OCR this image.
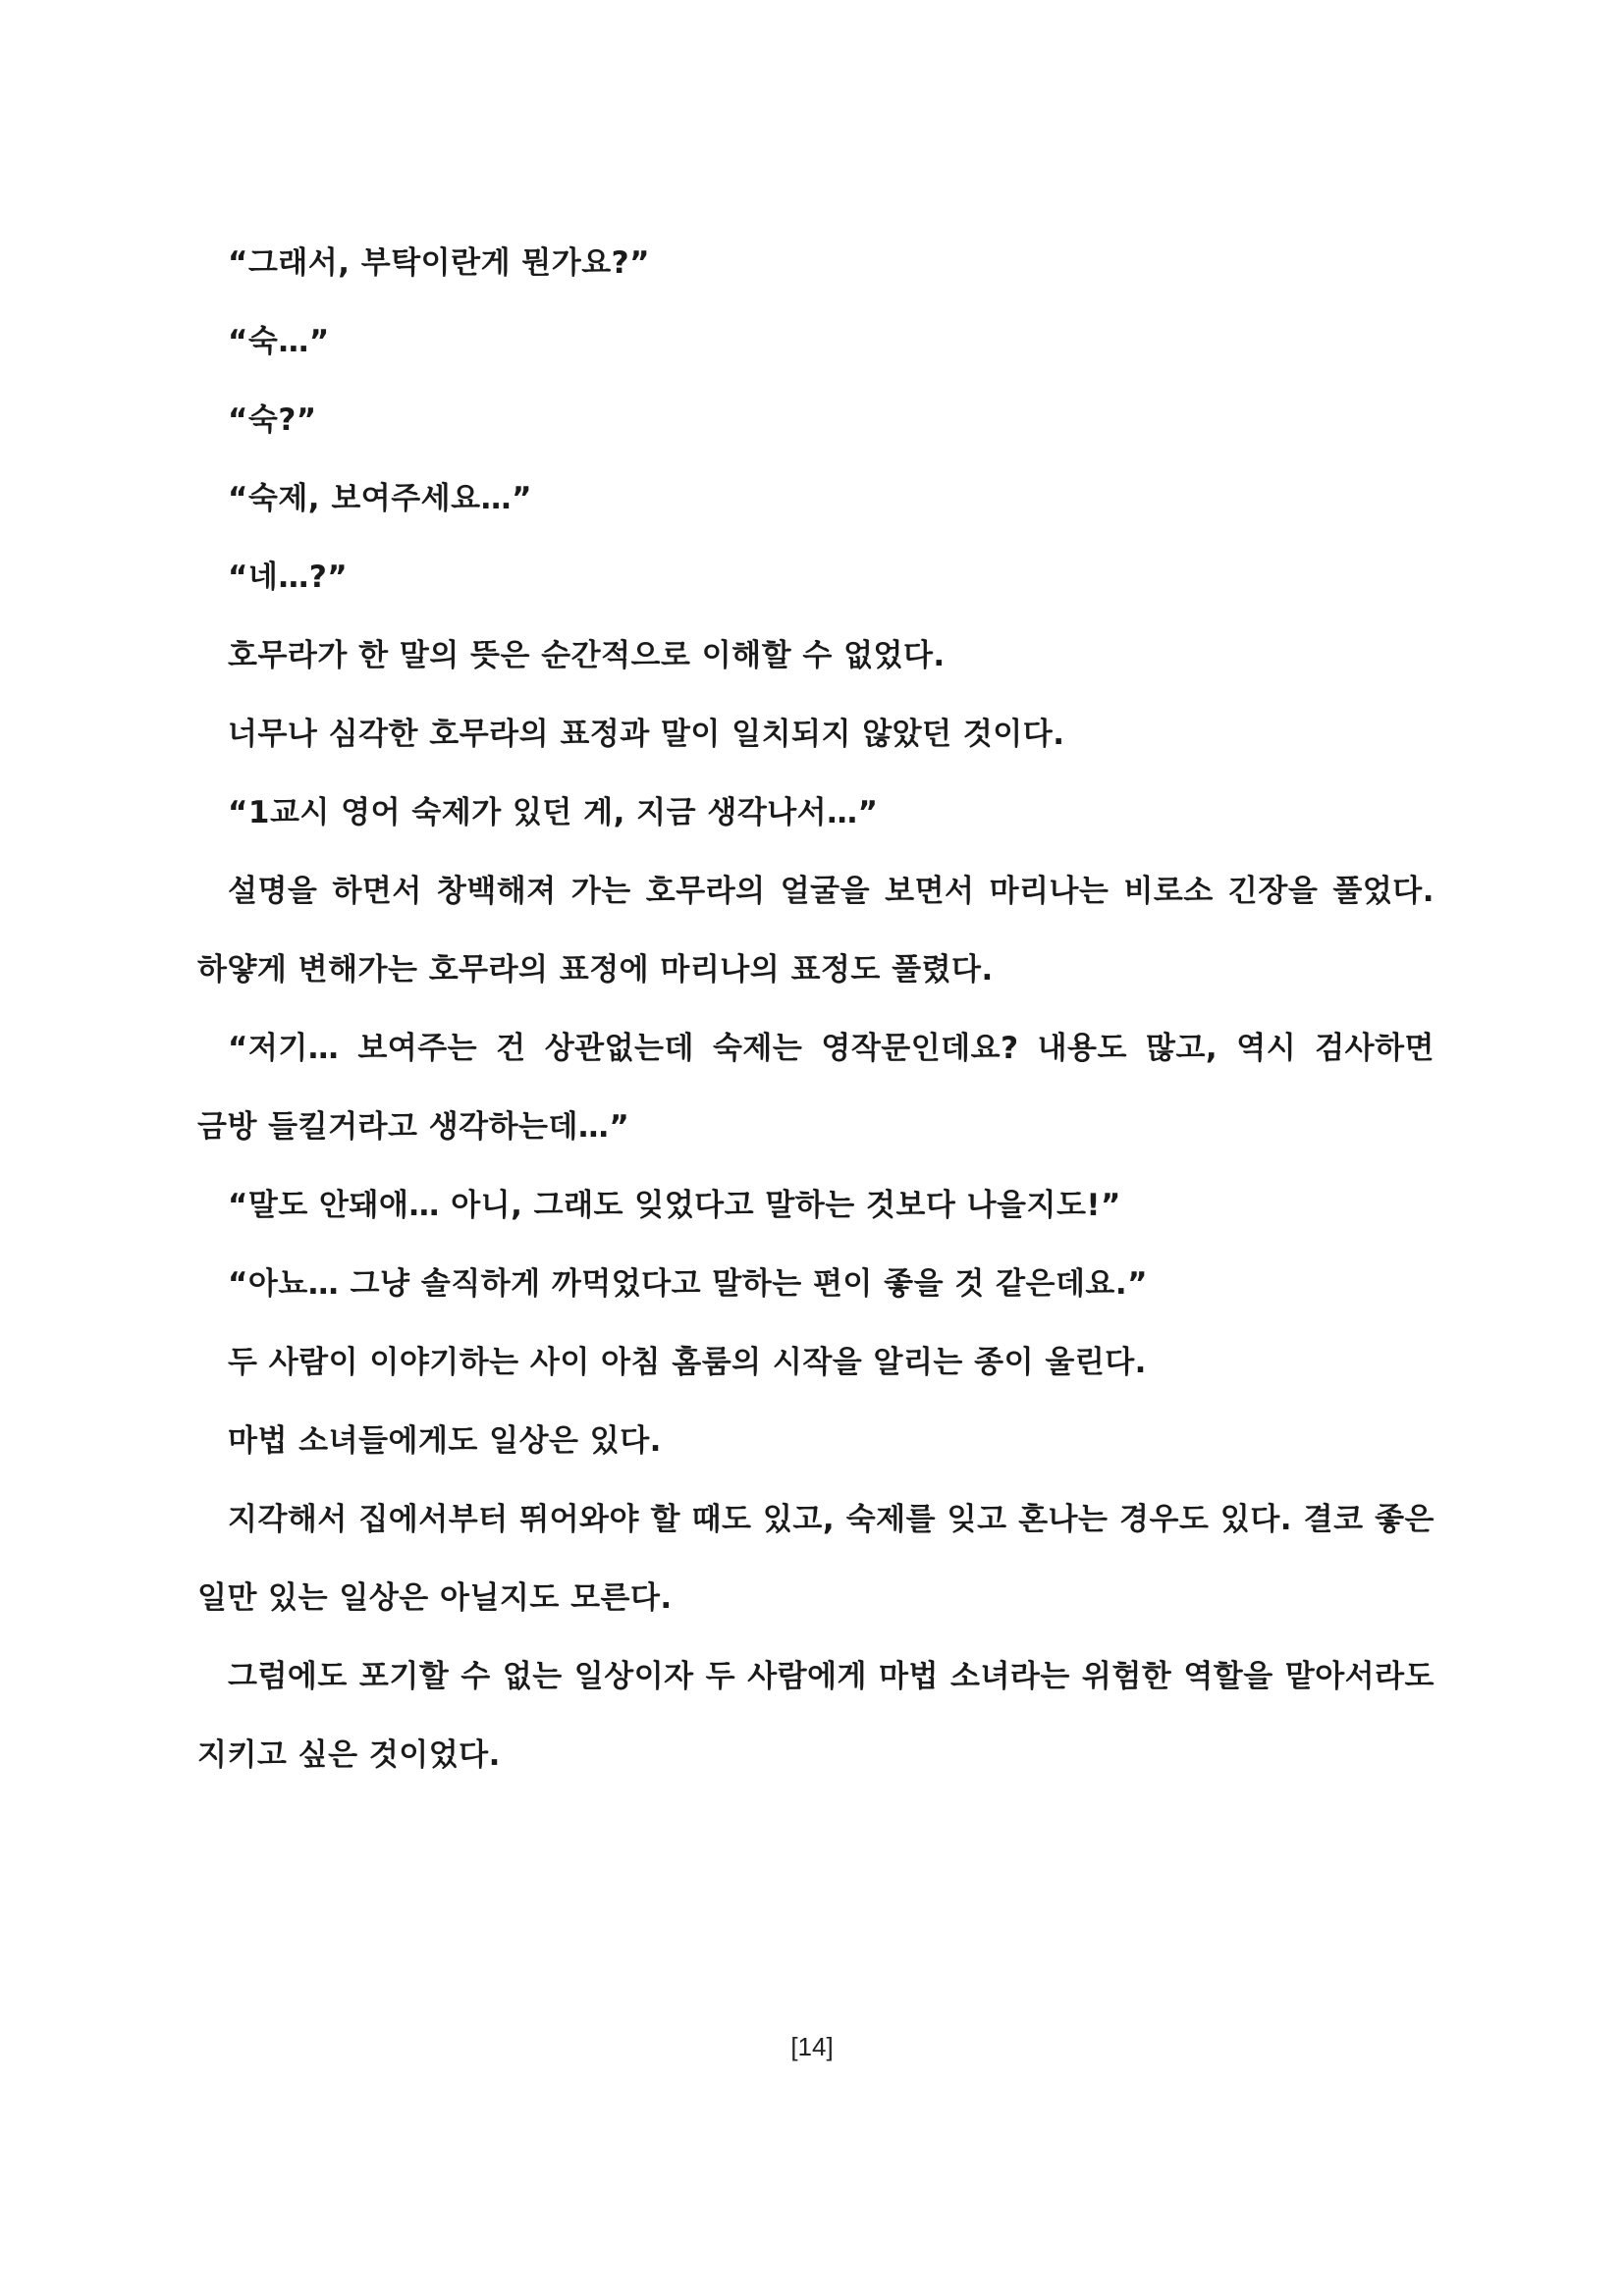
“그래서, 부탁이란게 뭔가요?”

“숙…”

“숙?”

“숙제, 보여주세요…”

“네…?”

호무라가 한 말의 뜻은 순간적으로 이해할 수 없었다.

너무나 심각한 호무라의 표정과 말이 일치되지 않았던 것이다.

“1교시 영어 숙제가 있던 게, 지금 생각나서…”

설명을 하면서 창백해져 가는 호무라의 얼굴을 보면서 마리나는 비로소 긴장을 풀었다. 하얗게 변해가는 호무라의 표정에 마리나의 표정도 풀렸다.

“저기… 보여주는 건 상관없는데 숙제는 영작문인데요? 내용도 많고, 역시 검사하면 금방 들킬거라고 생각하는데…”

“말도 안돼애… 아니, 그래도 잊었다고 말하는 것보다 나을지도!”

“아뇨… 그냥 솔직하게 까먹었다고 말하는 편이 좋을 것 같은데요.”

두 사람이 이야기하는 사이 아침 홈룸의 시작을 알리는 종이 울린다.

마법 소녀들에게도 일상은 있다.

지각해서 집에서부터 뛰어와야 할 때도 있고, 숙제를 잊고 혼나는 경우도 있다. 결코 좋은 일만 있는 일상은 아닐지도 모른다.

그럼에도 포기할 수 없는 일상이자 두 사람에게 마법 소녀라는 위험한 역할을 맡아서라도 지키고 싶은 것이었다.

[14]
